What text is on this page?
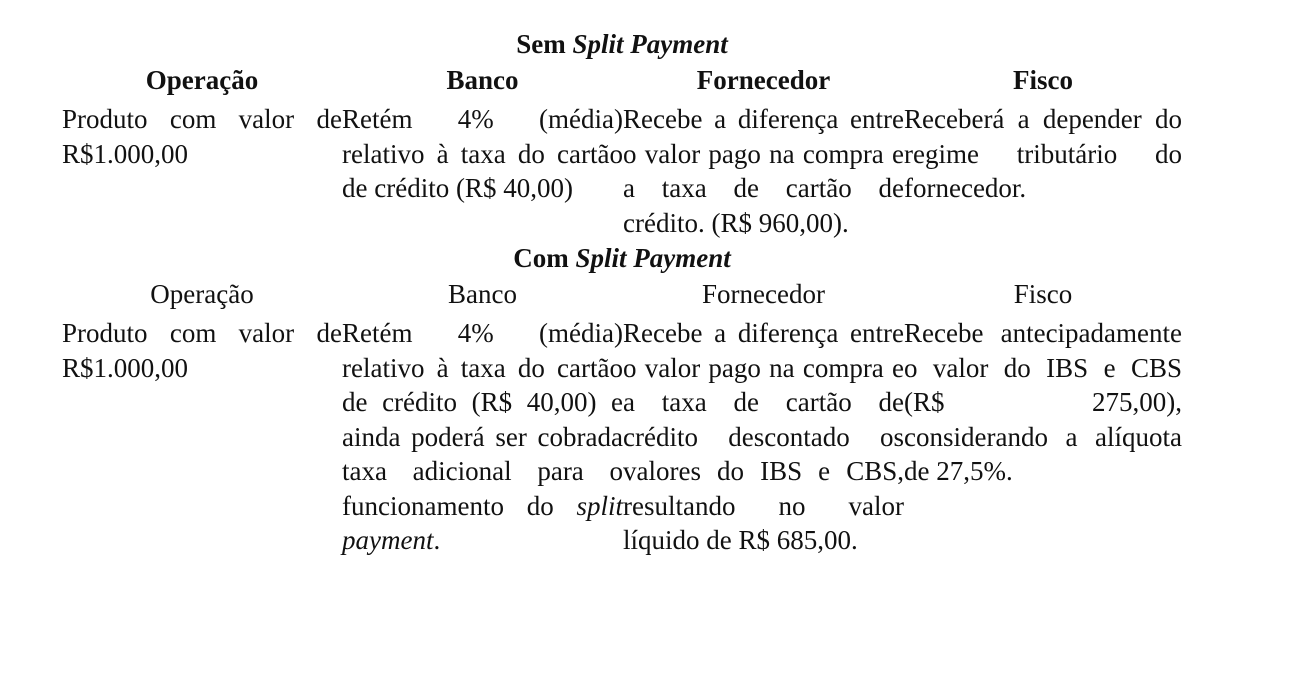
Sem Split Payment
Operação	Banco	Fornecedor	Fisco

Produto com valor de R$1.000,00	Retém 4% (média) relativo à taxa do cartão de crédito (R$ 40,00)	Recebe a diferença entre o valor pago na compra e a taxa de cartão de crédito. (R$ 960,00).	Receberá a depender do regime tributário do fornecedor.
Com Split Payment
Operação	Banco	Fornecedor	Fisco

Produto com valor de R$1.000,00	Retém 4% (média) relativo à taxa do cartão de crédito (R$ 40,00) e ainda poderá ser cobrada taxa adicional para o funcionamento do split payment.	Recebe a diferença entre o valor pago na compra e a taxa de cartão de crédito descontado os valores do IBS e CBS, resultando no valor líquido de R$ 685,00.	Recebe antecipadamente o valor do IBS e CBS (R$ 275,00), considerando a alíquota de 27,5%.
